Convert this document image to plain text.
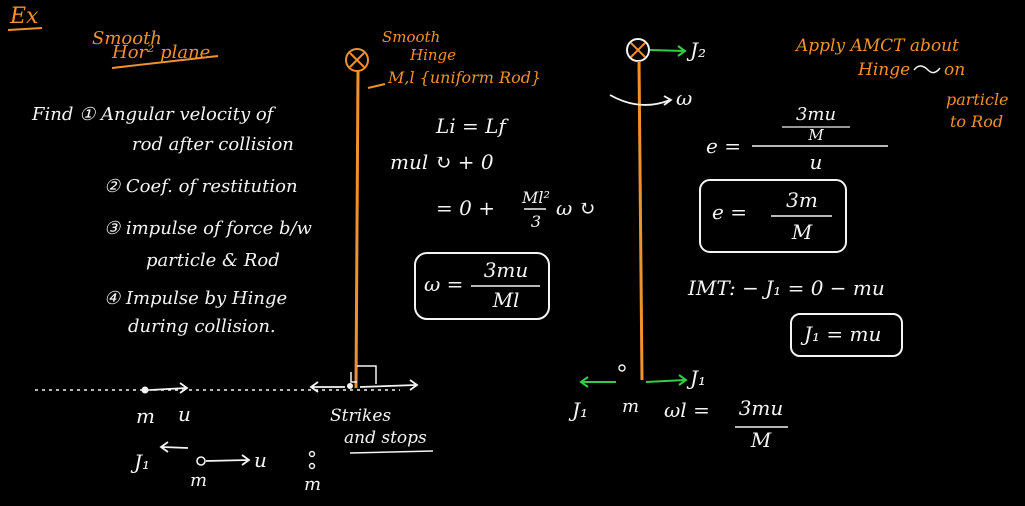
Ex
Smooth
Hor² plane
Find ① Angular velocity of
rod after collision
② Coef. of restitution
③ impulse of force b/w
particle & Rod
④ Impulse by Hinge
during collision.
m u	Strikes
and stops
J₁
m
u
m
Smooth
Hinge
M,l {uniform Rod}
Li = Lf
mul ↻ + 0
= 0 +	Ml²
3
ω ↻
ω =
3mu
Ml
J₂
ω
Apply AMCT about
Hinge on
particle
to Rod
e =
3mu
M
u
e =	3m
M
IMT: − J₁ = 0 − mu
J₁ = mu
J₁ m
J₁
ωl =	3mu
M
